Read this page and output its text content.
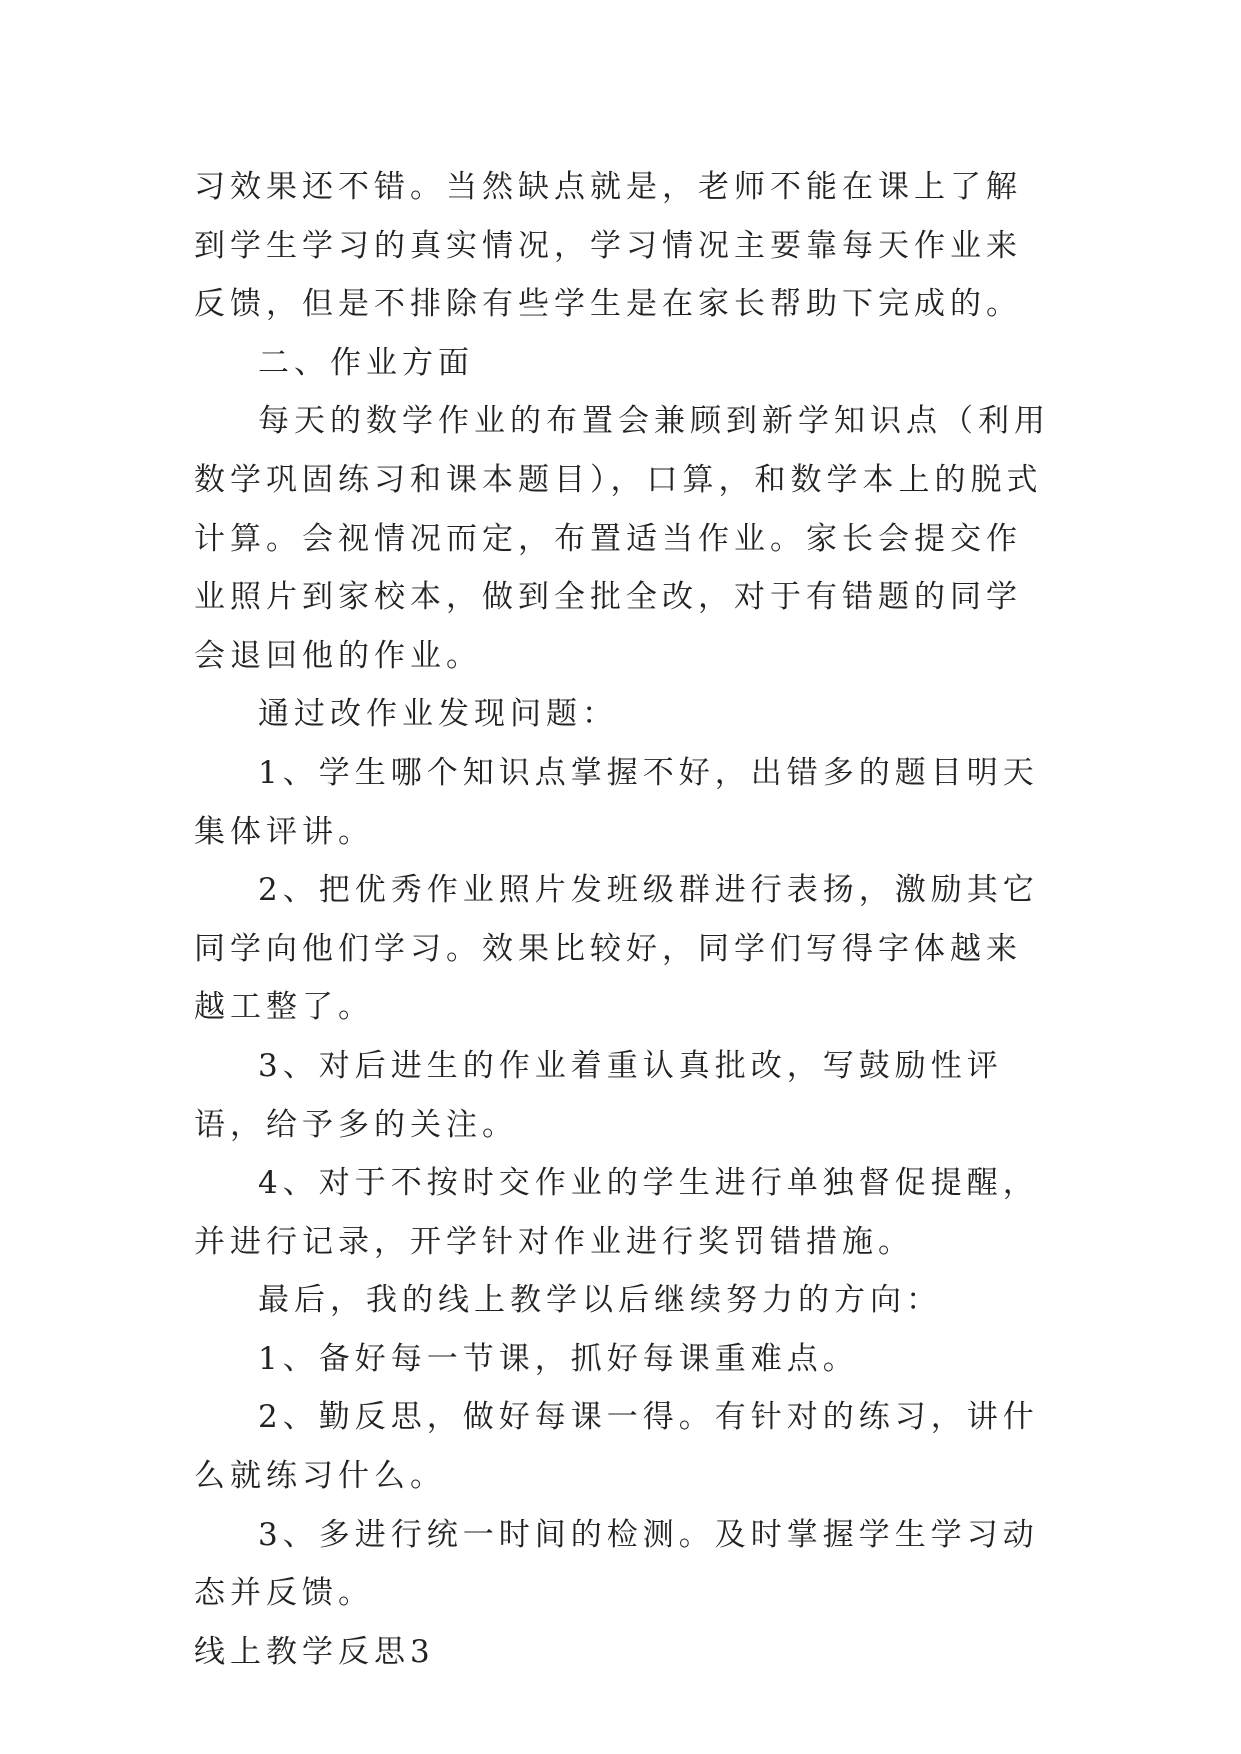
习效果还不错。当然缺点就是，老师不能在课上了解到学生学习的真实情况，学习情况主要靠每天作业来反馈，但是不排除有些学生是在家长帮助下完成的。

二、作业方面

每天的数学作业的布置会兼顾到新学知识点（利用数学巩固练习和课本题目），口算，和数学本上的脱式计算。会视情况而定，布置适当作业。家长会提交作业照片到家校本，做到全批全改，对于有错题的同学会退回他的作业。

通过改作业发现问题：

1、学生哪个知识点掌握不好，出错多的题目明天集体评讲。

2、把优秀作业照片发班级群进行表扬，激励其它同学向他们学习。效果比较好，同学们写得字体越来越工整了。

3、对后进生的作业着重认真批改，写鼓励性评语，给予多的关注。

4、对于不按时交作业的学生进行单独督促提醒，并进行记录，开学针对作业进行奖罚错措施。

最后，我的线上教学以后继续努力的方向：

1、备好每一节课，抓好每课重难点。

2、勤反思，做好每课一得。有针对的练习，讲什么就练习什么。

3、多进行统一时间的检测。及时掌握学生学习动态并反馈。

线上教学反思3
